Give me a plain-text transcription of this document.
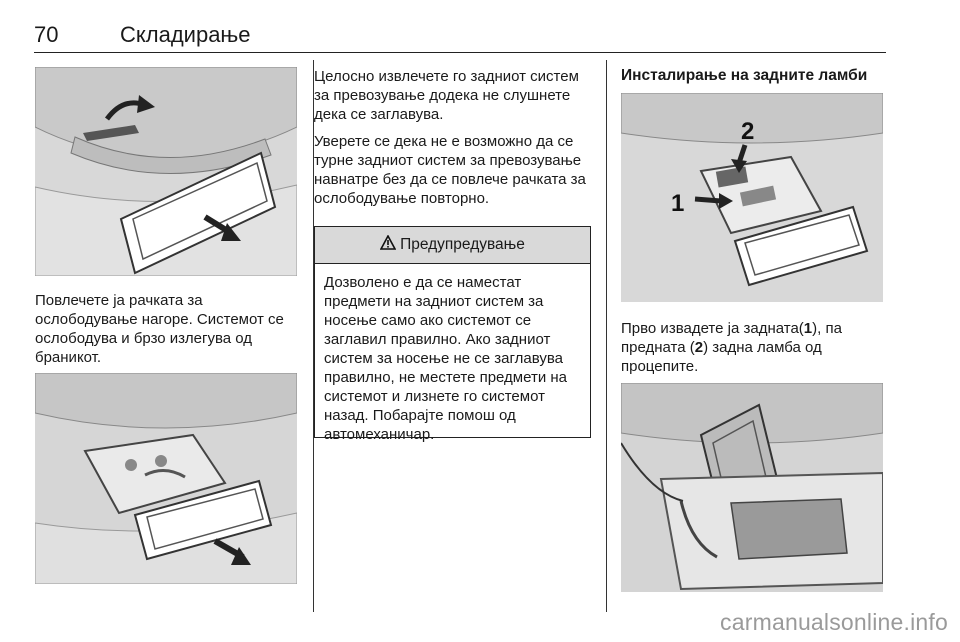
70	Складирање
Повлечете ја рачката за ослободување нагоре. Системот се ослободува и брзо излегува од браникот.

Целосно извлечете го задниот систем за превозување додека не слушнете дека се заглавува.

Уверете се дека не е возможно да се турне задниот систем за превозување навнатре без да се повлече рачката за ослободување повторно.

Предупредување
Дозволено е да се наместат предмети на задниот систем за носење само ако системот се заглавил правилно. Ако задниот систем за носење не се заглавува правилно, не местете предмети на системот и лизнете го системот назад. Побарајте помош од автомеханичар.
Инсталирање на задните ламби
1
2
Прво извадете ја задната(1), па предната (2) задна ламба од процепите.
carmanualsonline.info
